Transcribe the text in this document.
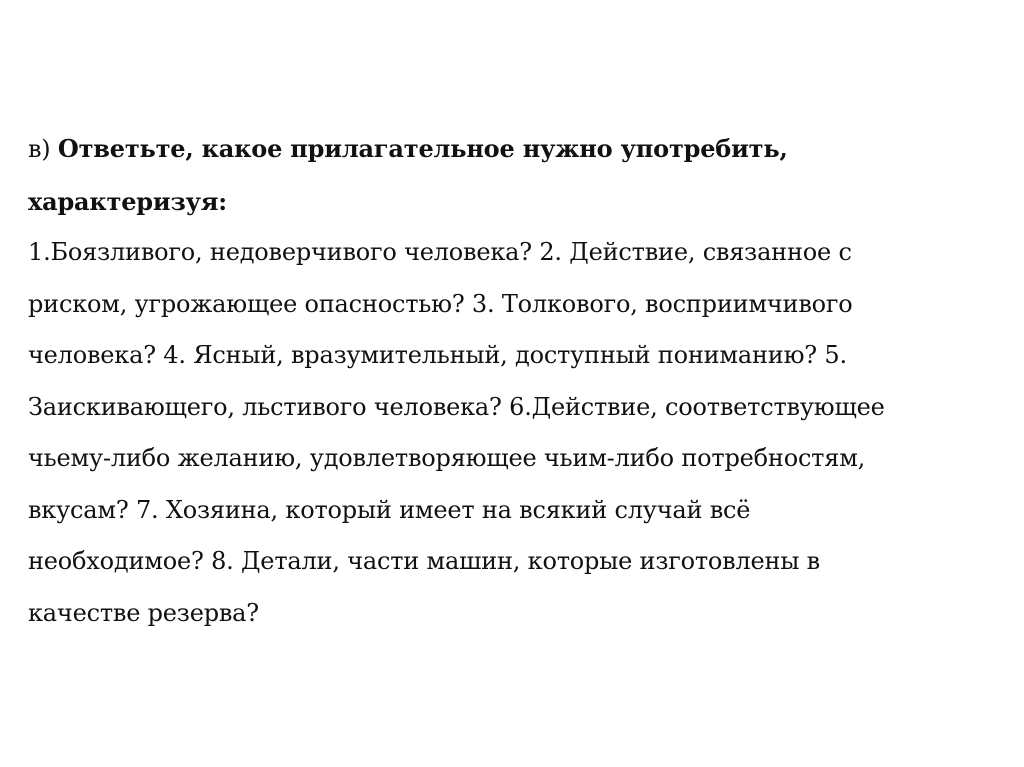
в) Ответьте, какое прилагательное нужно употребить,
характеризуя:
1.Боязливого, недоверчивого человека? 2. Действие, связанное с
риском, угрожающее опасностью? 3. Толкового, восприимчивого
человека? 4. Ясный, вразумительный, доступный пониманию? 5.
Заискивающего, льстивого человека? 6.Действие, соответствующее
чьему-либо желанию, удовлетворяющее чьим-либо потребностям,
вкусам? 7. Хозяина, который имеет на всякий случай всё
необходимое? 8. Детали, части машин, которые изготовлены в
качестве резерва?
